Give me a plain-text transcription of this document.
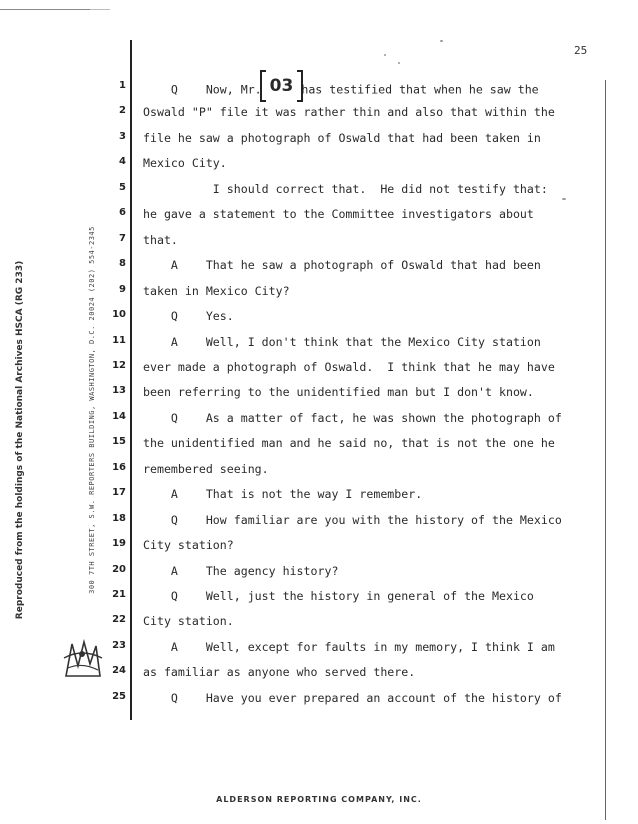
Reproduced from the holdings of the National Archives HSCA (RG 233)	300 7TH STREET, S.W. REPORTERS BUILDING, WASHINGTON, D.C. 20024 (202) 554-2345
25
1
2
3
4
5
6
7
8
9
10
11
12
13
14
15
16
17
18
19
20
21
22
23
24
25
Q    Now, Mr. 03 has testified that when he saw the
Oswald "P" file it was rather thin and also that within the
file he saw a photograph of Oswald that had been taken in
Mexico City.
I should correct that.  He did not testify that:
he gave a statement to the Committee investigators about
that.
A    That he saw a photograph of Oswald that had been
taken in Mexico City?
Q    Yes.
A    Well, I don't think that the Mexico City station
ever made a photograph of Oswald.  I think that he may have
been referring to the unidentified man but I don't know.
Q    As a matter of fact, he was shown the photograph of
the unidentified man and he said no, that is not the one he
remembered seeing.
A    That is not the way I remember.
Q    How familiar are you with the history of the Mexico
City station?
A    The agency history?
Q    Well, just the history in general of the Mexico
City station.
A    Well, except for faults in my memory, I think I am
as familiar as anyone who served there.
Q    Have you ever prepared an account of the history of
ALDERSON REPORTING COMPANY, INC.
